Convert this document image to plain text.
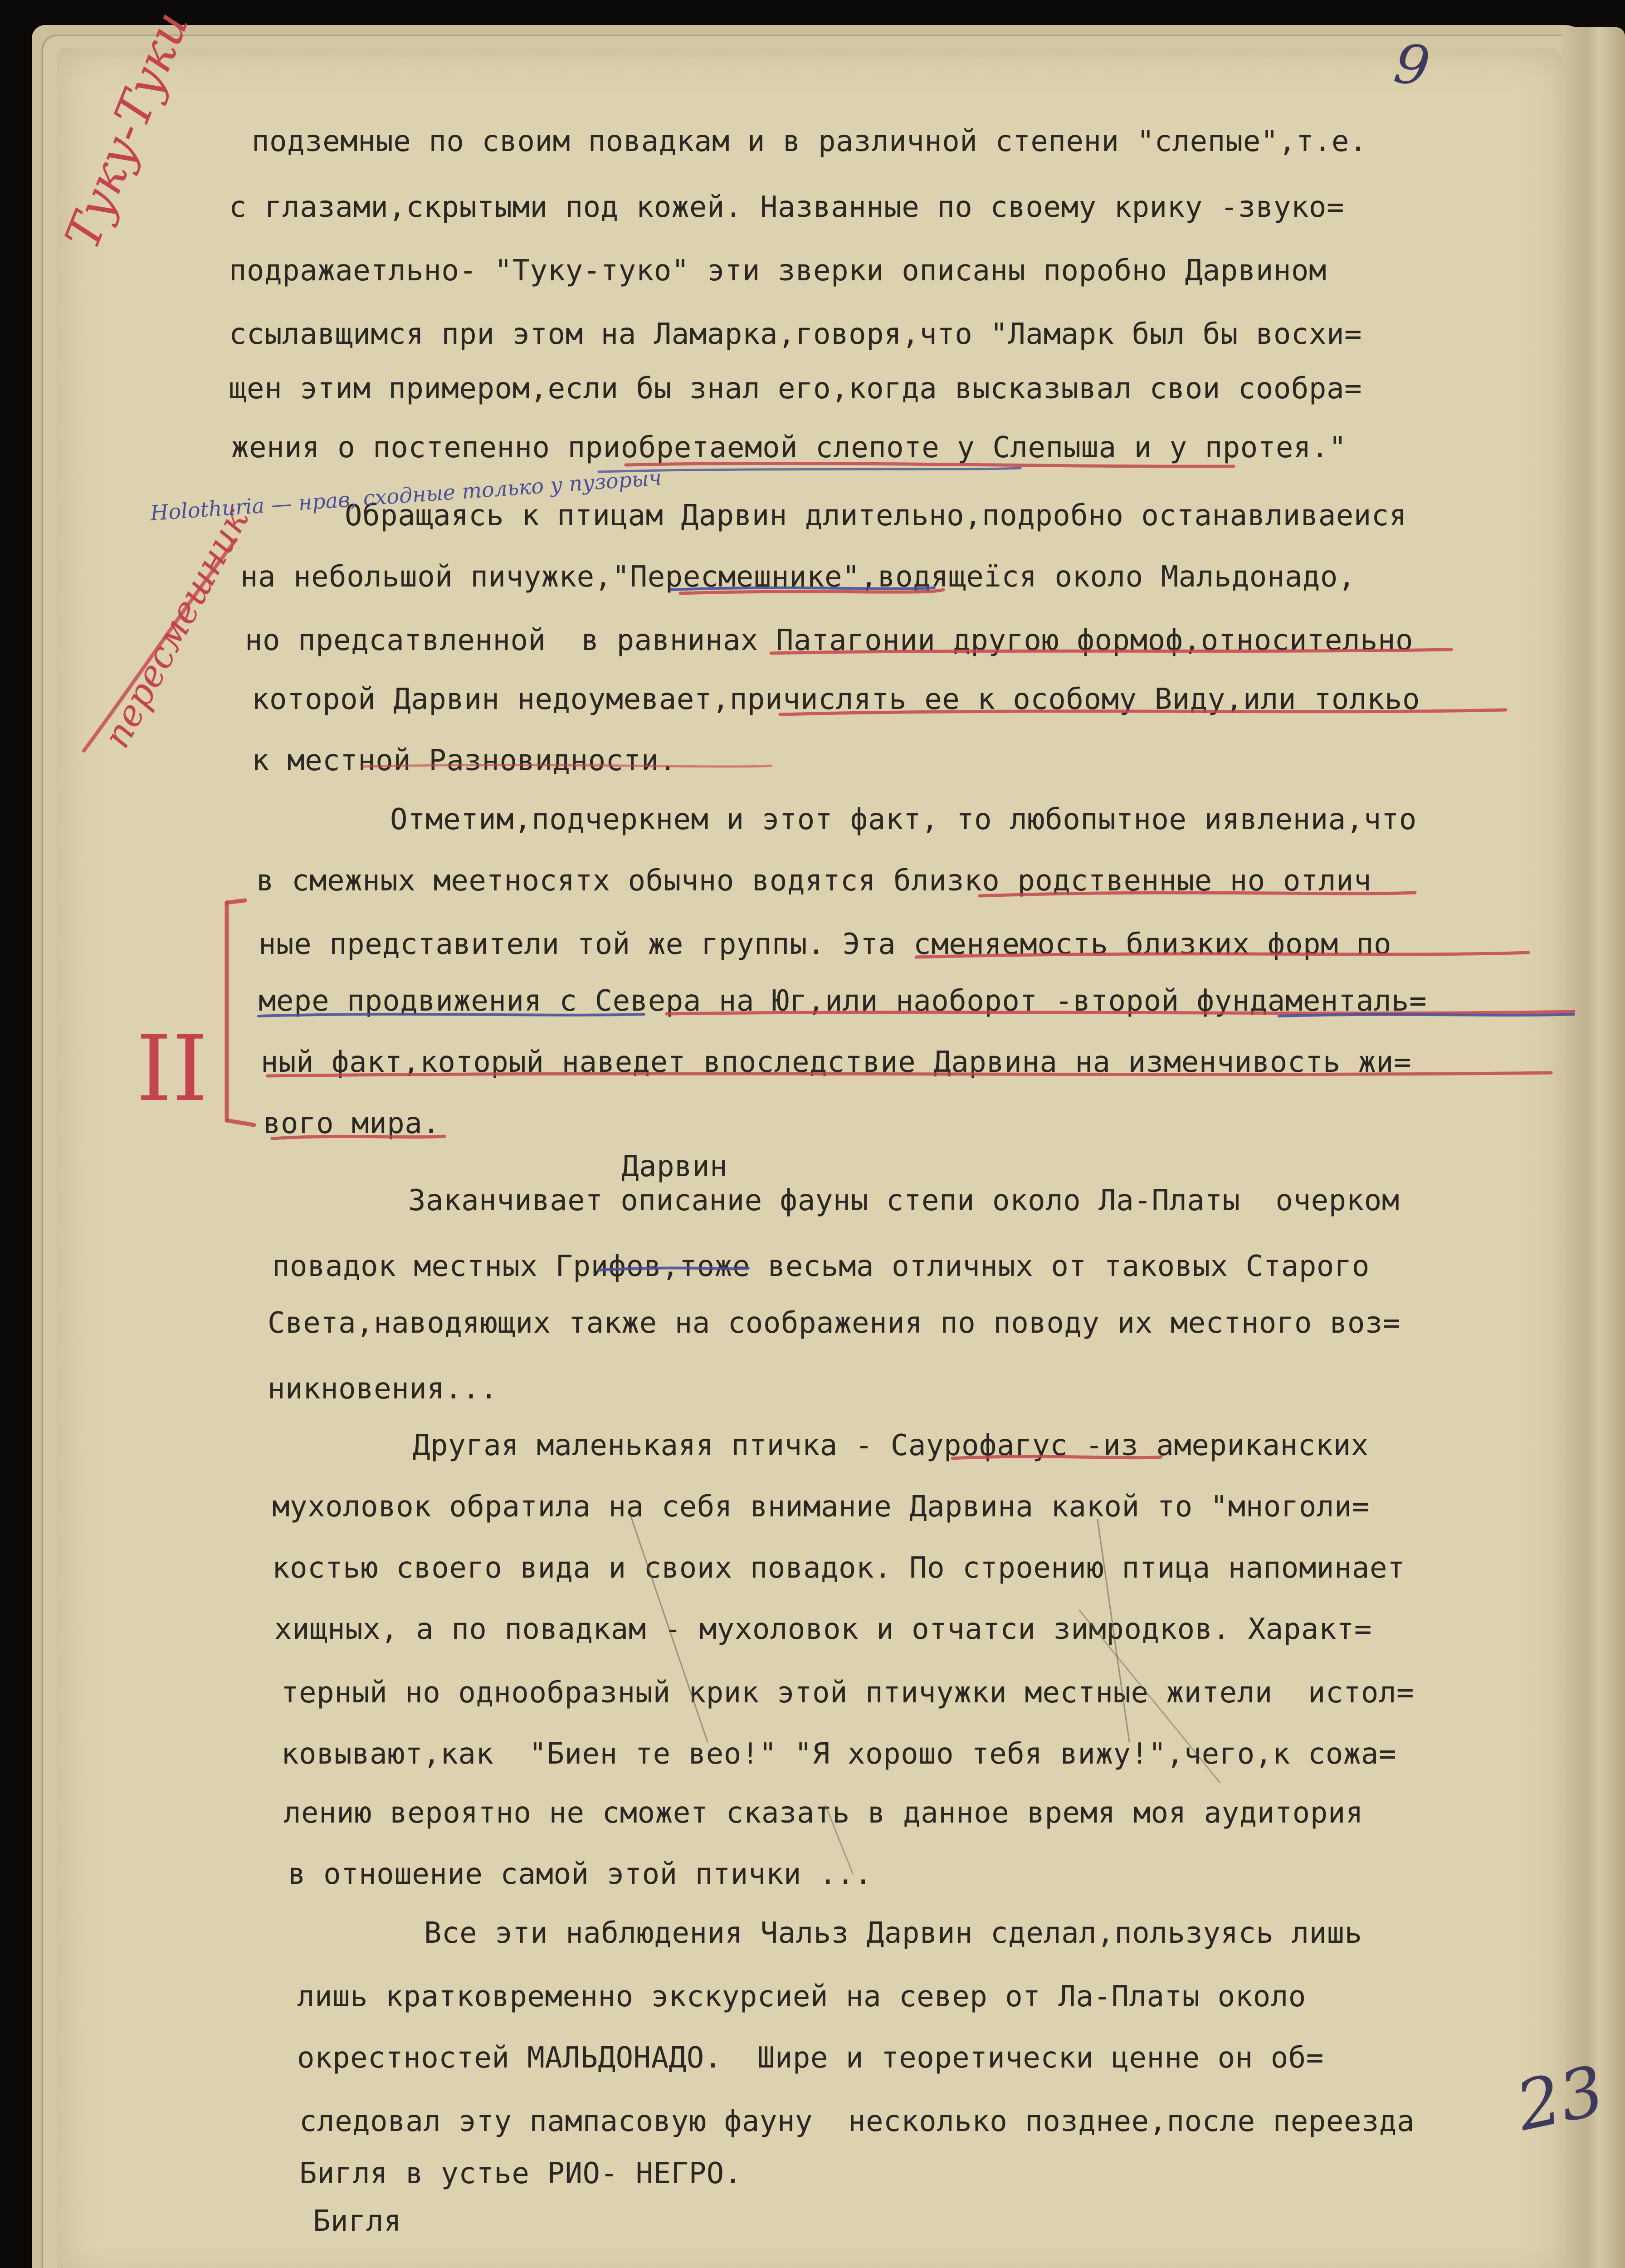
подземные по своим повадкам и в различной степени "слепые",т.е.
с глазами,скрытыми под кожей. Названные по своему крику -звуко=
подражаетльно- "Туку-туко" эти зверки описаны поробно Дарвином
ссылавщимся при этом на Ламарка,говоря,что "Ламарк был бы восхи=
щен этим примером,если бы знал его,когда высказывал свои сообра=
жения о постепенно приобретаемой слепоте у Слепыша и у протея."
Обращаясь к птицам Дарвин длительно,подробно останавливаеися
на небольшой пичужке,"Пересмешнике",водящеїся около Мальдонадо,
но предсатвленной  в равнинах Патагонии другою формоф,относительно
которой Дарвин недоумевает,причислять ее к особому Виду,или толкьо
к местной Разновидности.
Отметим,подчеркнем и этот факт, то любопытное иявлениа,что
в смежных меетносятх обычно водятся близко родственные но отлич
ные представители той же группы. Эта сменяемость близких форм по
мере продвижения с Севера на Юг,или наоборот -второй фундаменталь=
ный факт,который наведет впоследствие Дарвина на изменчивость жи=
вого мира.
Дарвин
Заканчивает описание фауны степи около Ла-Платы  очерком
повадок местных Грифов,тоже весьма отличных от таковых Старого
Света,наводяющих также на соображения по поводу их местного воз=
никновения...
Другая маленькаяя птичка - Саурофагус -из американских
мухоловок обратила на себя внимание Дарвина какой то "многоли=
костью своего вида и своих повадок. По строению птица напоминает
хищных, а по повадкам - мухоловок и отчатси зимродков. Характ=
терный но однообразный крик этой птичужки местные жители  истол=
ковывают,как  "Биен те вео!" "Я хорошо тебя вижу!",чего,к сожа=
лению вероятно не сможет сказать в данное время моя аудитория
в отношение самой этой птички ...
Все эти наблюдения Чальз Дарвин сделал,пользуясь лишь
лишь кратковременно экскурсией на север от Ла-Платы около
окрестностей МАЛЬДОНАДО.  Шире и теоретически ценне он об=
следовал эту пампасовую фауну  несколько позднее,после переезда
Бигля в устье РИО- НЕГРО.
Бигля
9
23
Туку-Туки
пересмешник
II
Holothuria — нрав, сходные только у пузорыч
